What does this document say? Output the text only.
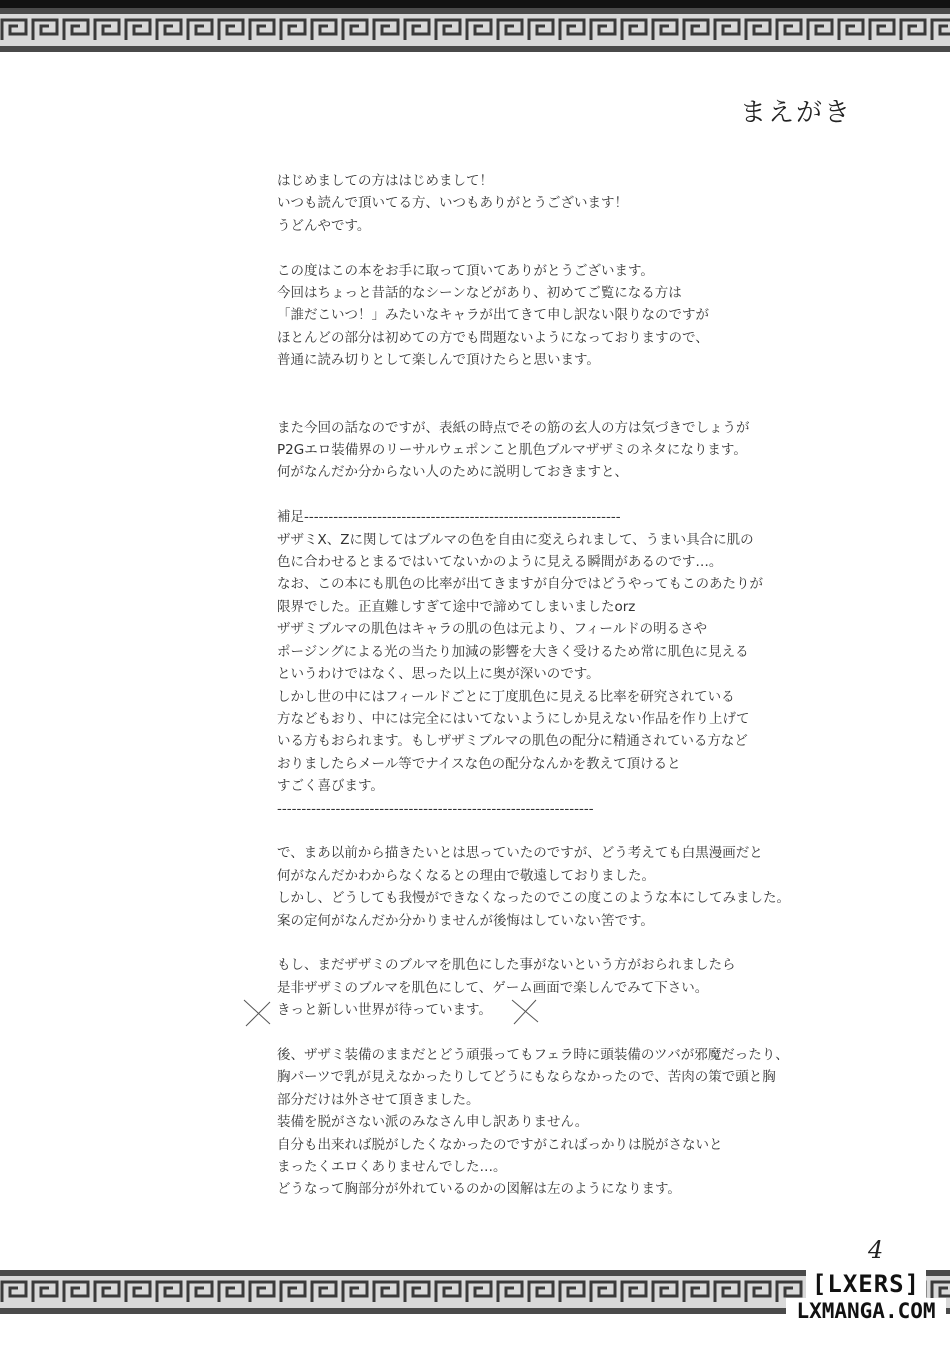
まえがき
はじめましての方ははじめまして！
いつも読んで頂いてる方、いつもありがとうございます！
うどんやです。
この度はこの本をお手に取って頂いてありがとうございます。
今回はちょっと昔話的なシーンなどがあり、初めてご覧になる方は
「誰だこいつ！」みたいなキャラが出てきて申し訳ない限りなのですが
ほとんどの部分は初めての方でも問題ないようになっておりますので、
普通に読み切りとして楽しんで頂けたらと思います。
また今回の話なのですが、表紙の時点でその筋の玄人の方は気づきでしょうが
P2Gエロ装備界のリーサルウェポンこと肌色ブルマザザミのネタになります。
何がなんだか分からない人のために説明しておきますと、
補足-----------------------------------------------------------------
ザザミX、Zに関してはブルマの色を自由に変えられまして、うまい具合に肌の
色に合わせるとまるではいてないかのように見える瞬間があるのです…。
なお、この本にも肌色の比率が出てきますが自分ではどうやってもこのあたりが
限界でした。正直難しすぎて途中で諦めてしまいましたorz
ザザミブルマの肌色はキャラの肌の色は元より、フィールドの明るさや
ポージングによる光の当たり加減の影響を大きく受けるため常に肌色に見える
というわけではなく、思った以上に奥が深いのです。
しかし世の中にはフィールドごとに丁度肌色に見える比率を研究されている
方などもおり、中には完全にはいてないようにしか見えない作品を作り上げて
いる方もおられます。もしザザミブルマの肌色の配分に精通されている方など
おりましたらメール等でナイスな色の配分なんかを教えて頂けると
すごく喜びます。
-----------------------------------------------------------------
で、まあ以前から描きたいとは思っていたのですが、どう考えても白黒漫画だと
何がなんだかわからなくなるとの理由で敬遠しておりました。
しかし、どうしても我慢ができなくなったのでこの度このような本にしてみました。
案の定何がなんだか分かりませんが後悔はしていない筈です。
もし、まだザザミのブルマを肌色にした事がないという方がおられましたら
是非ザザミのブルマを肌色にして、ゲーム画面で楽しんでみて下さい。
きっと新しい世界が待っています。
後、ザザミ装備のままだとどう頑張ってもフェラ時に頭装備のツバが邪魔だったり、
胸パーツで乳が見えなかったりしてどうにもならなかったので、苦肉の策で頭と胸
部分だけは外させて頂きました。
装備を脱がさない派のみなさん申し訳ありません。
自分も出来れば脱がしたくなかったのですがこればっかりは脱がさないと
まったくエロくありませんでした…。
どうなって胸部分が外れているのかの図解は左のようになります。
4
[LXERS]
LXMANGA.COM
